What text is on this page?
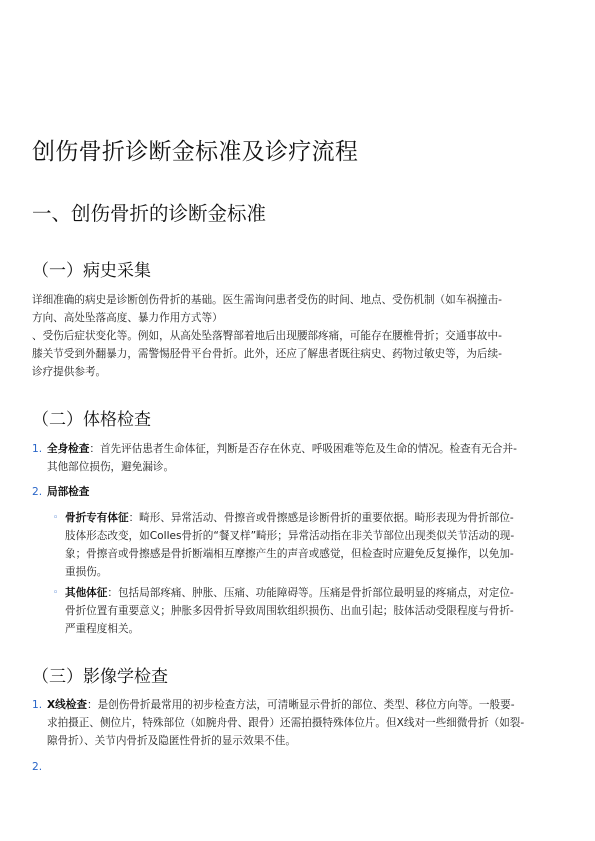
创伤骨折诊断金标准及诊疗流程
一、创伤骨折的诊断金标准
（一）病史采集
详细准确的病史是诊断创伤骨折的基础。医生需询问患者受伤的时间、地点、受伤机制（如车祸撞击-
方向、高处坠落高度、暴力作用方式等）
、受伤后症状变化等。例如，从高处坠落臀部着地后出现腰部疼痛，可能存在腰椎骨折；交通事故中-
膝关节受到外翻暴力，需警惕胫骨平台骨折。此外，还应了解患者既往病史、药物过敏史等，为后续-
诊疗提供参考。
（二）体格检查
1. 全身检查：首先评估患者生命体征，判断是否存在休克、呼吸困难等危及生命的情况。检查有无合并-
其他部位损伤，避免漏诊。
2. 局部检查
◦ 骨折专有体征：畸形、异常活动、骨擦音或骨擦感是诊断骨折的重要依据。畸形表现为骨折部位-
肢体形态改变，如Colles骨折的“餐叉样”畸形；异常活动指在非关节部位出现类似关节活动的现-
象；骨擦音或骨擦感是骨折断端相互摩擦产生的声音或感觉，但检查时应避免反复操作，以免加-
重损伤。
◦ 其他体征：包括局部疼痛、肿胀、压痛、功能障碍等。压痛是骨折部位最明显的疼痛点，对定位-
骨折位置有重要意义；肿胀多因骨折导致周围软组织损伤、出血引起；肢体活动受限程度与骨折-
严重程度相关。
（三）影像学检查
1. X线检查：是创伤骨折最常用的初步检查方法，可清晰显示骨折的部位、类型、移位方向等。一般要-
求拍摄正、侧位片，特殊部位（如腕舟骨、跟骨）还需拍摄特殊体位片。但X线对一些细微骨折（如裂-
隙骨折）、关节内骨折及隐匿性骨折的显示效果不佳。
2.
